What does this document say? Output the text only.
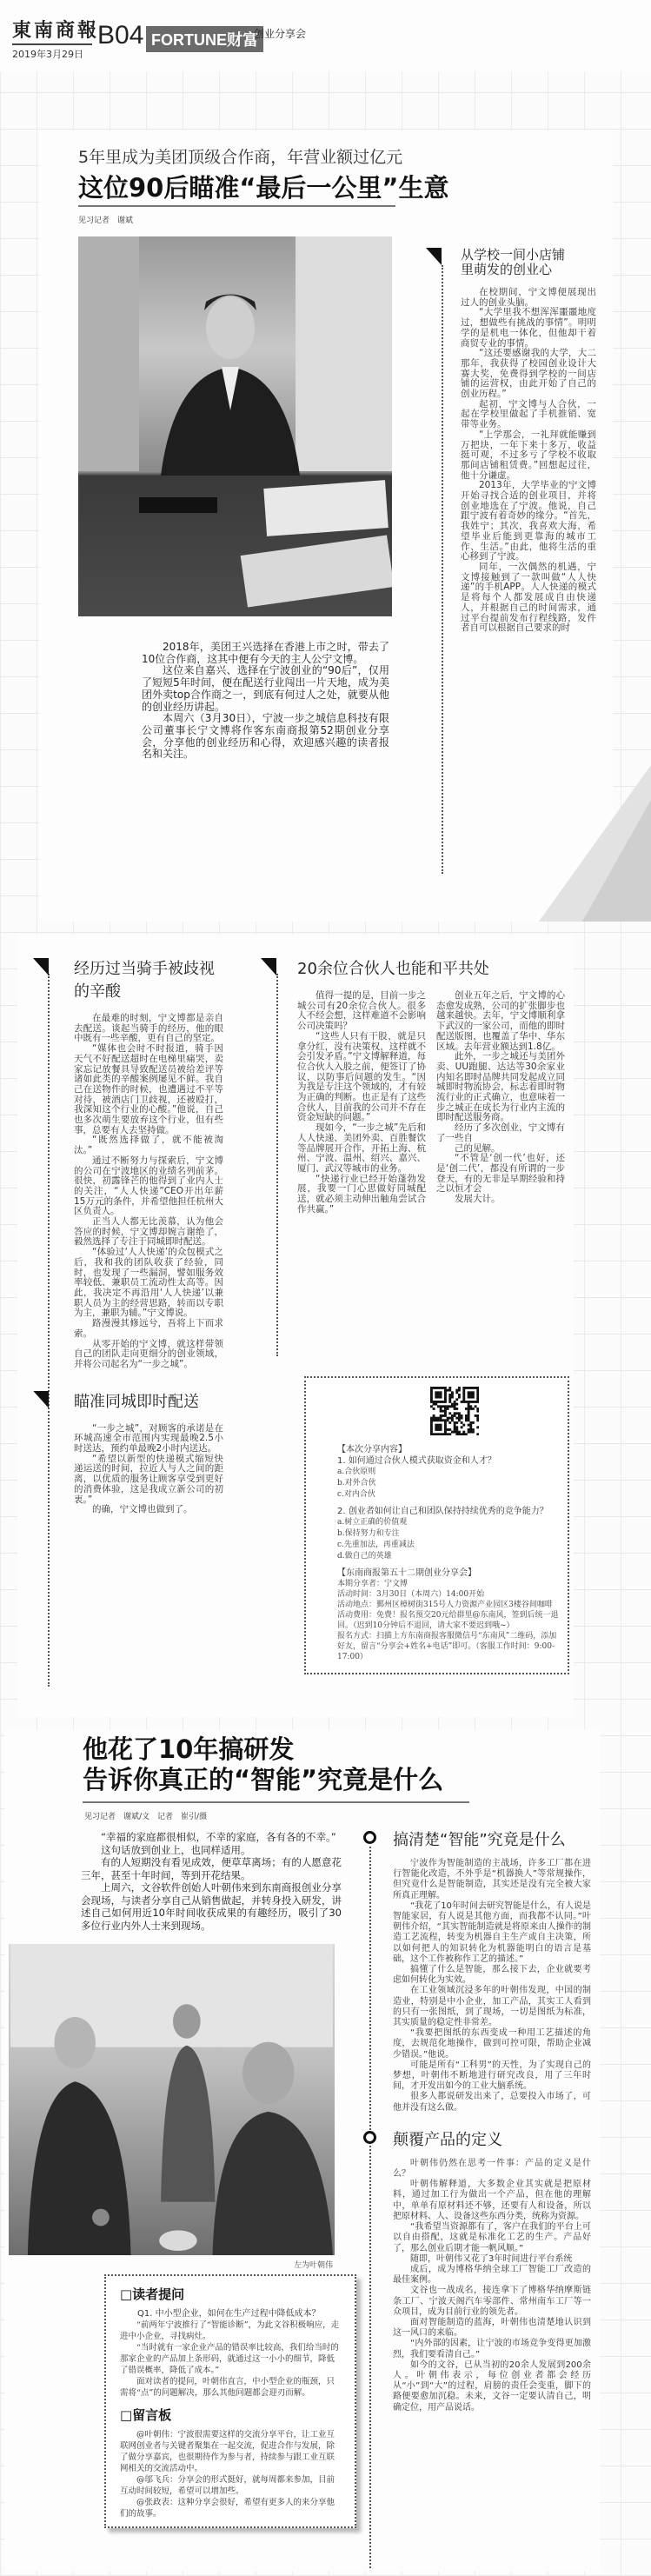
東南商報
2019年3月29日
B04 FORTUNE财富
创业分享会
5年里成为美团顶级合作商，年营业额过亿元
这位90后瞄准“最后一公里”生意
见习记者　谢斌

2018年，美团王兴选择在香港上市之时，带去了10位合作商，这其中便有今天的主人公宁文博。

这位来自嘉兴、选择在宁波创业的“90后”，仅用了短短5年时间，便在配送行业闯出一片天地，成为美团外卖top合作商之一，到底有何过人之处，就要从他的创业经历讲起。

本周六（3月30日），宁波一步之城信息科技有限公司董事长宁文博将作客东南商报第52期创业分享会，分享他的创业经历和心得，欢迎感兴趣的读者报名和关注。

从学校一间小店铺里萌发的创业心

在校期间，宁文博便展现出过人的创业头脑。

“大学里我不想浑浑噩噩地度过，想做些有挑战的事情”。明明学的是机电一体化，但他却干着商贸专业的事情。

“这还要感谢我的大学，大二那年，我获得了校园创业设计大赛大奖，免费得到学校的一间店铺的运营权，由此开始了自己的创业历程。”

起初，宁文博与人合伙，一起在学校里做起了手机推销、宽带等业务。

“上学那会，一礼拜就能赚到万把块，一年下来十多万，收益挺可观，不过多亏了学校不收取那间店铺租赁费。”回想起过往，他十分谦虚。

2013年，大学毕业的宁文博开始寻找合适的创业项目，并将创业地选在了宁波。他说，自己跟宁波有着奇妙的缘分。“首先，我姓宁；其次，我喜欢大海，希望毕业后能到更靠海的城市工作、生活。”由此，他将生活的重心移到了宁波。

同年，一次偶然的机遇，宁文博接触到了一款叫做“人人快递”的手机APP。人人快递的模式是将每个人都发展成自由快递人，并根据自己的时间需求，通过平台提前发布行程线路，发件者自可以根据自己要求的时

经历过当骑手被歧视的辛酸

在最难的时刻，宁文博都是亲自去配送。谈起当骑手的经历，他的眼中既有一些辛酸，更有自己的坚定。

“媒体也会时不时报道，骑手因天气不好配送超时在电梯里痛哭，卖家忘记放餐具导致配送员被给差评等诸如此类的辛酸案例屡见不鲜。我自己在送物件的时候，也遭遇过不平等对待，被酒店门卫歧视，还被殴打，我深知这个行业的心酸。”他说，自己也多次萌生要放弃这个行业，但有些事，总要有人去坚持做。

“既然选择做了，就不能被淘汰。”

通过不断努力与探索后，宁文博的公司在宁波地区的业绩名列前茅。很快，初露锋芒的他得到了业内人士的关注，“人人快递”CEO开出年薪15万元的条件，并希望他担任杭州大区负责人。

正当人人都无比羡慕，认为他会答应的时候，宁文博却婉言谢绝了，毅然选择了专注于同城即时配送。

“体验过‘人人快递’的众包模式之后，我和我的团队收获了经验，同时，也发现了一些漏洞，譬如服务效率较低、兼职员工流动性太高等。因此，我决定不再沿用‘人人快递’以兼职人员为主的经营思路，转而以专职为主，兼职为辅。”宁文博说。

路漫漫其修远兮，吾将上下而求索。

从零开始的宁文博，就这样带领自己的团队走向更细分的创业领域，并将公司起名为“一步之城”。

瞄准同城即时配送

“一步之城”，对顾客的承诺是在环城高速全市范围内实现最晚2.5小时送达，预约单最晚2小时内送达。

“希望以新型的快递模式缩短快递运送的时间，拉近人与人之间的距离，以优质的服务让顾客享受到更好的消费体验，这是我成立新公司的初衷。”

的确，宁文博也做到了。

20余位合伙人也能和平共处

值得一提的是，目前一步之城公司有20余位合伙人。很多人不经会想，这样难道不会影响公司决策吗？

“这些人只有干股，就是只拿分红，没有决策权，这样就不会引发矛盾。”宁文博解释道，每位合伙人入股之前，便签订了协议，以防事后问题的发生。“因为我是专注这个领域的，才有较为正确的判断。也正是有了这些合伙人，目前我的公司并不存在资金短缺的问题。”

现如今，“一步之城”先后和人人快递、美团外卖、百胜餐饮等品牌展开合作，开拓上海、杭州、宁波、温州、绍兴、嘉兴、厦门、武汉等城市的业务。

“快递行业已经开始蓬勃发展，我要一门心思做好同城配送，就必须主动伸出触角尝试合作共赢。”

创业五年之后，宁文博的心态愈发成熟，公司的扩张脚步也越来越快。去年，宁文博顺利拿下武汉的一家公司，而他的即时配送版图，也覆盖了华中、华东区域。去年营业额达到1.8亿。

此外，一步之城还与美团外卖、UU跑腿、达达等30余家业内知名即时品牌共同发起成立同城即时物流协会，标志着即时物流行业的正式确立，也意味着一步之城正在成长为行业内主流的即时配送服务商。

经历了多次创业，宁文博有了一些自

己的见解。

“不管是‘创一代’也好，还是‘创二代’，都没有所谓的一步登天，有的无非是早期经验和持之以恒才会

发展大计。

【本次分享内容】
1. 如何通过合伙人模式获取资金和人才？
a.合伙原则
b.对外合伙
c.对内合伙
2. 创业者如何让自己和团队保持持续优秀的竞争能力？
a.树立正确的价值观
b.保持努力和专注
c.先重加法，再重减法
d.做自己的英雄
【东南商报第五十二期创业分享会】
本期分享者：宁文博
活动时间：3月30日（本周六）14:00开始
活动地点：鄞州区樟树街315号人力资源产业园区3楼谷间咖啡
活动费用：免费！报名预交20元给群里@东南风，签到后统一退回。（迟到10分钟后不退回，请大家不要迟到哦~）
报名方式：扫描上方东南商报客服微信号“东南风”二维码，添加好友，留言“分享会+姓名+电话”即可。（客服工作时间：9:00-17:00）
他花了10年搞研发
告诉你真正的“智能”究竟是什么
见习记者　谢斌/文　记者　崔引/摄

“幸福的家庭都很相似，不幸的家庭，各有各的不幸。”

这句话放到创业上，也同样适用。

有的人短期没有看见成效，便草草离场；有的人愿意花三年，甚至十年时间，等到开花结果。

上周六，文谷软件创始人叶朝伟来到东南商报创业分享会现场，与读者分享自己从销售做起，并转身投入研发，讲述自己如何用近10年时间收获成果的有趣经历，吸引了30多位行业内外人士来到现场。

左为叶朝伟
□读者提问

Q1. 中小型企业，如何在生产过程中降低成本？

“前两年宁波推行了“智能诊断”，为此文谷积极响应，走进中小企业，寻找病灶。

“当时就有一家企业产品的错误率比较高，我们给当时的那家企业的产品加上条形码，就通过这一小小的细节，降低了错误概率，降低了成本。”

面对读者的提问，叶朝伟直言，中小型企业的瓶颈，只需将“点”的问题解决，那么其他问题都会迎刃而解。

□留言板

@叶朝伟：宁波很需要这样的交流分享平台，让工业互联网创业者与关键者聚集在一起交流，促进合作与发展，除了做分享嘉宾，也很期待作为参与者，持续参与跟工业互联网相关的交流活动中。

@邬飞兵：分享会的形式挺好，就每周都来参加，目前互动时间较短，希望可以增加些。

@张政表：这种分享会很好，希望有更多人的来分享他们的故事。

搞清楚“智能”究竟是什么

宁波作为智能制造的主战场，许多工厂都在进行智能化改造，不外乎是“机器换人”等常规操作，但究竟什么是智能制造，其实还是没有完全被大家所真正理解。

“我花了10年时间去研究智能是什么，有人说是智能家居，有人说是其他方面，而我都不认同。”叶朝伟介绍，“其实智能制造就是将原来由人操作的制造工艺流程，转变为机器自主生产或自主决策，所以如何把人的知识转化为机器能明白的语言是基础，这个工作被称作工艺的描述。”

搞懂了什么是智能，那么接下去，企业就要考虑如何转化为实效。

在工业领域沉浸多年的叶朝伟发现，中国的制造业，特别是中小企业，加工产品，其实工人看到的只有一张图纸，到了现场，一切是图纸为标准，其实质量的稳定性非常差。

“我要把图纸的东西变成一种用工艺描述的角度，去规范化地操作，做到可控可限，帮助企业减少错误。”他说。

可能是所有“工科男”的天性，为了实现自己的梦想，叶朝伟不断地进行研究改良，用了三年时间，才开发出如今的工业大脑系统。

很多人都说研发出来了，总要投入市场了，可他并没有这么做。

颠覆产品的定义

叶朝伟仍然在思考一件事：产品的定义是什么？

叶朝伟解释道，大多数企业其实就是把原材料，通过加工行为做出一个产品，但在他的理解中，单单有原材料还不够，还要有人和设备，所以把原材料、人、设备这些东西分类，统称为资源。

“我希望当资源都有了，客户在我们的平台上可以自由搭配，这就是标准化工艺的生产。产品好了，那么创业后期才能一帆风顺。”

随即，叶朝伟又花了3年时间进行平台系统

成后，成为博格华纳全球工厂智能工厂改造的最佳案例。

文谷也一战成名，接连拿下了博格华纳摩斯链条工厂、宁波天阁汽车零部件、常州南车工厂等一众项目，成为目前行业的领先者。

面对智能制造的蓝海，叶朝伟也清楚地认识到这一风口的来临。

“内外部的因素，让宁波的市场竞争变得更加激烈，我们要看清自己。”

如今的文谷，已从当初的20余人发展到200余人。叶朝伟表示，每位创业者都会经历从“小”到“大”的过程，肩膀的责任会变重，脚下的路便要愈加沉稳。未来，文谷一定要认清自己，明确定位，用产品说话。
